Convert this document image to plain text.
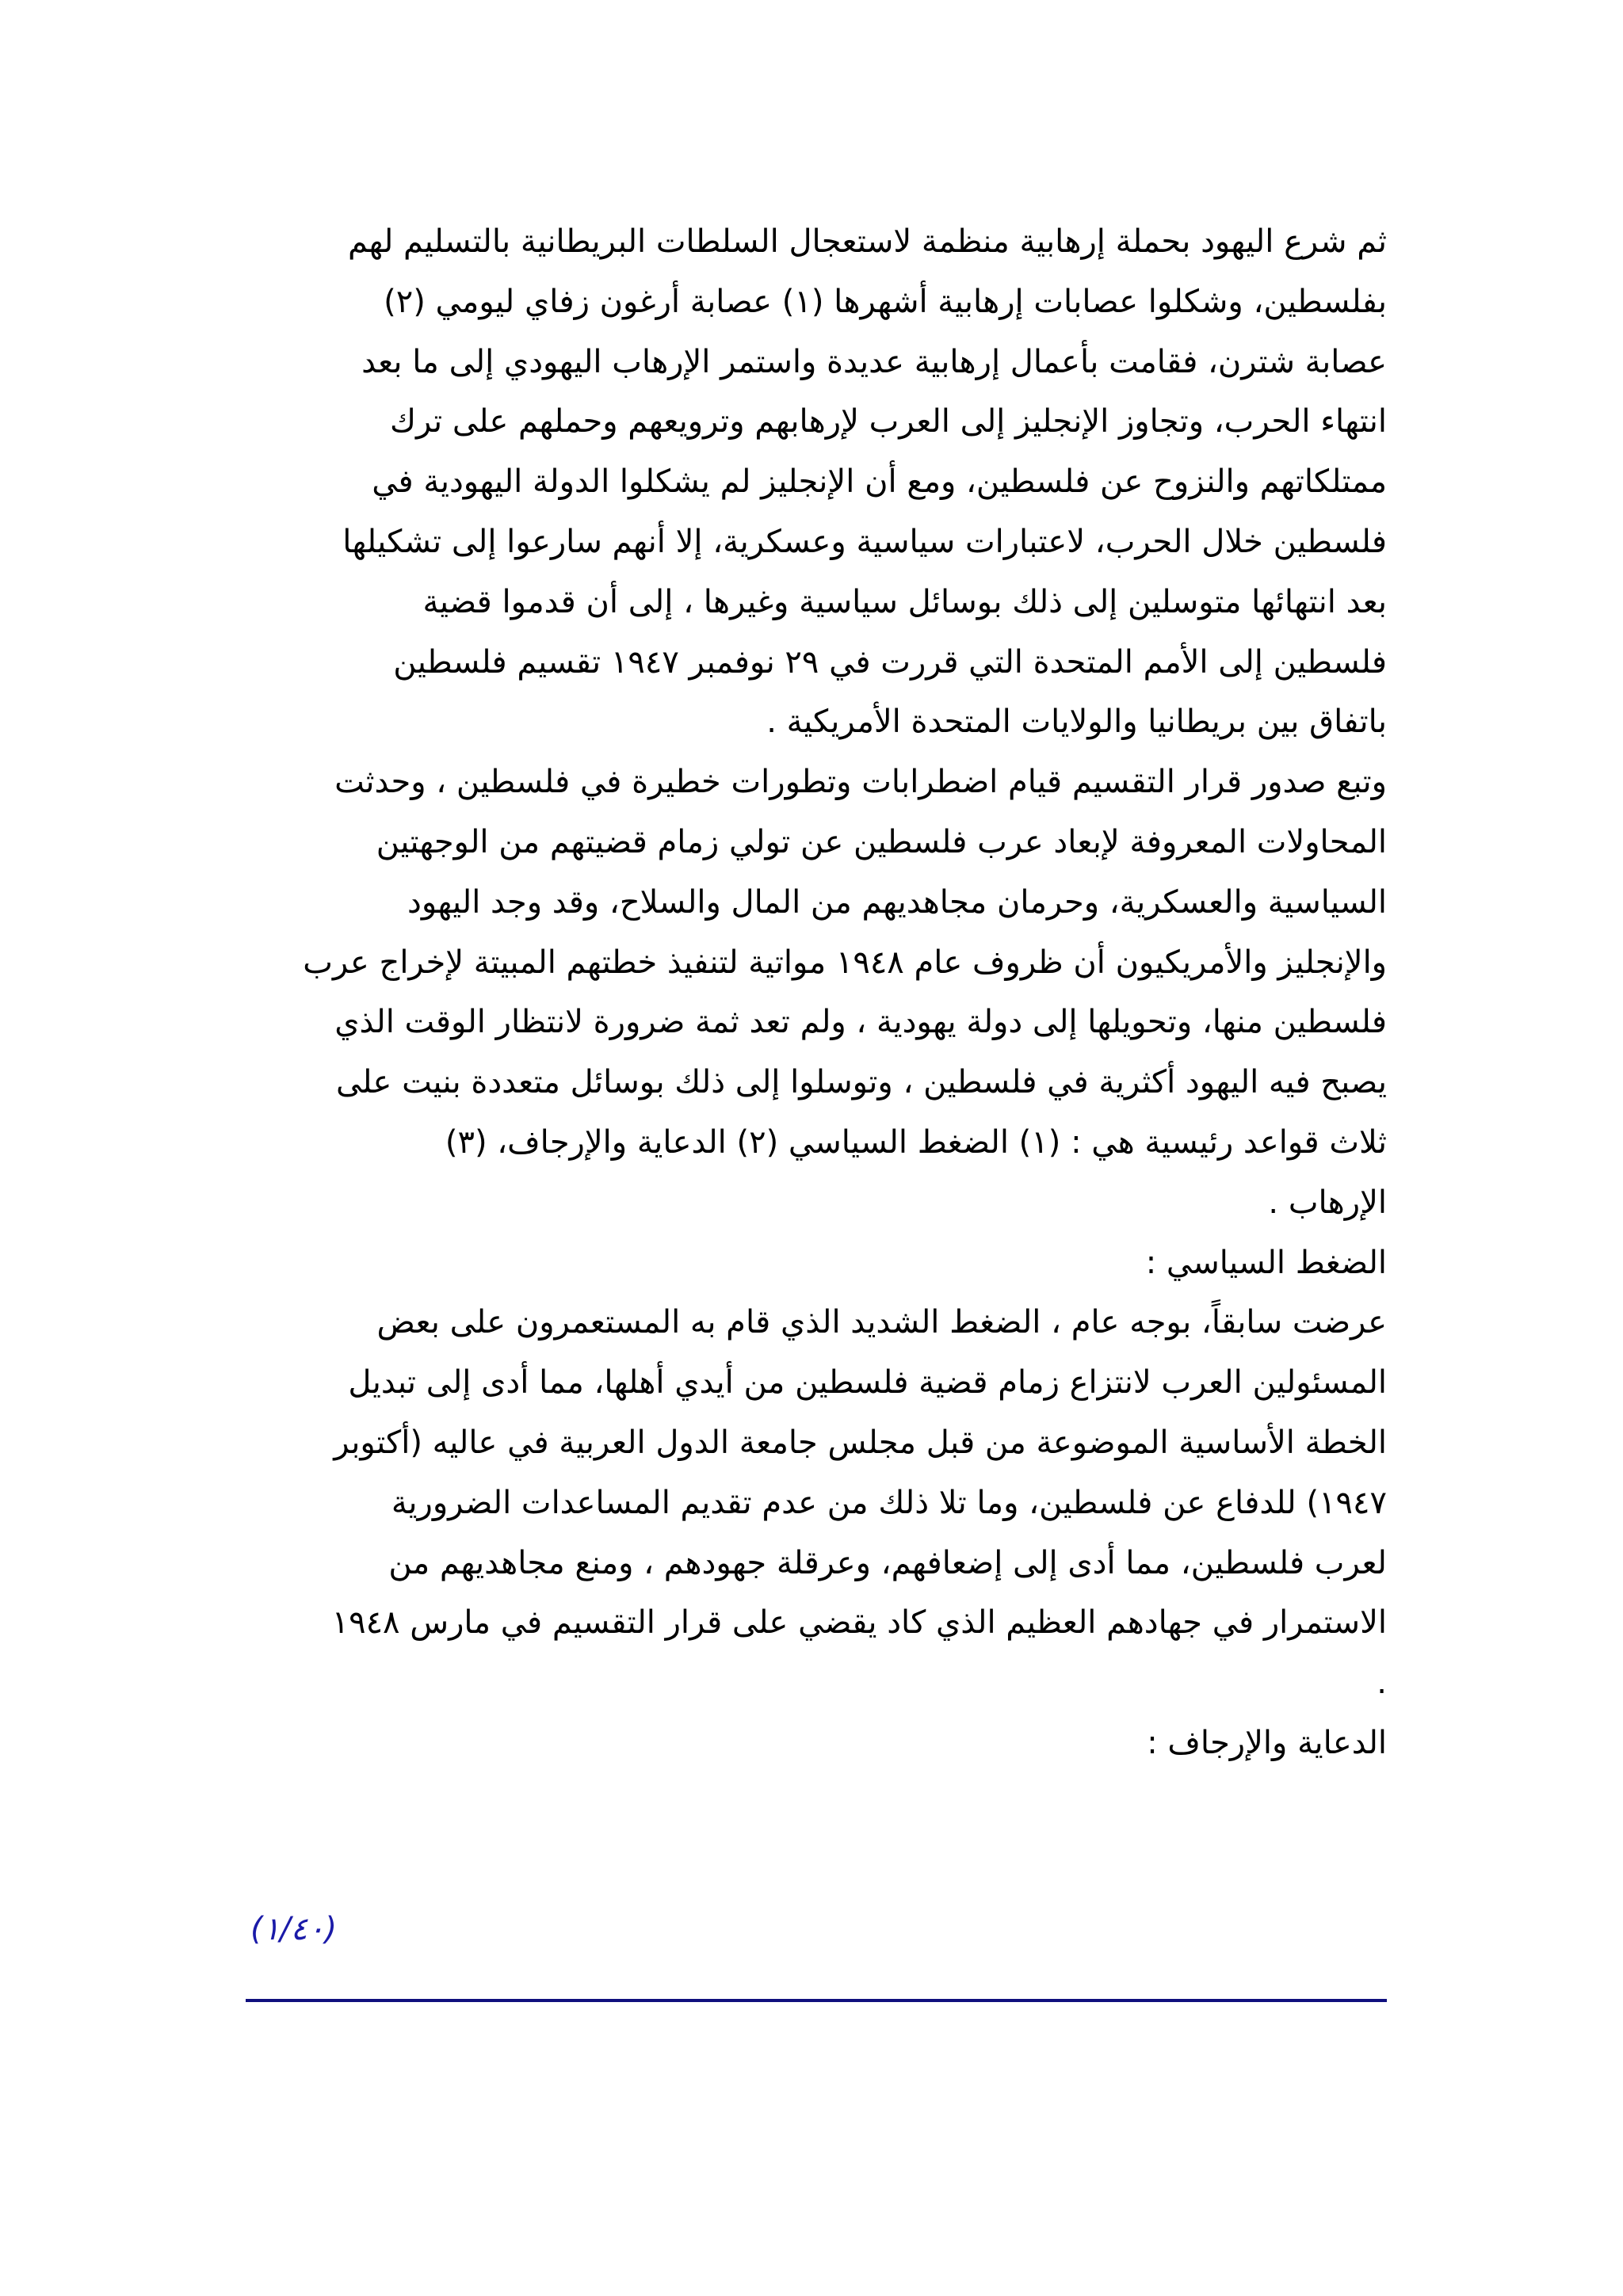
ثم شرع اليهود بحملة إرهابية منظمة لاستعجال السلطات البريطانية بالتسليم لهم
بفلسطين، وشكلوا عصابات إرهابية أشهرها (١) عصابة أرغون زفاي ليومي (٢)
عصابة شترن، فقامت بأعمال إرهابية عديدة واستمر الإرهاب اليهودي إلى ما بعد
انتهاء الحرب، وتجاوز الإنجليز إلى العرب لإرهابهم وترويعهم وحملهم على ترك
ممتلكاتهم والنزوح عن فلسطين، ومع أن الإنجليز لم يشكلوا الدولة اليهودية في
فلسطين خلال الحرب، لاعتبارات سياسية وعسكرية، إلا أنهم سارعوا إلى تشكيلها
بعد انتهائها متوسلين إلى ذلك بوسائل سياسية وغيرها ، إلى أن قدموا قضية
فلسطين إلى الأمم المتحدة التي قررت في ٢٩ نوفمبر ١٩٤٧ تقسيم فلسطين
باتفاق بين بريطانيا والولايات المتحدة الأمريكية .
وتبع صدور قرار التقسيم قيام اضطرابات وتطورات خطيرة في فلسطين ، وحدثت
المحاولات المعروفة لإبعاد عرب فلسطين عن تولي زمام قضيتهم من الوجهتين
السياسية والعسكرية، وحرمان مجاهديهم من المال والسلاح، وقد وجد اليهود
والإنجليز والأمريكيون أن ظروف عام ١٩٤٨ مواتية لتنفيذ خطتهم المبيتة لإخراج عرب
فلسطين منها، وتحويلها إلى دولة يهودية ، ولم تعد ثمة ضرورة لانتظار الوقت الذي
يصبح فيه اليهود أكثرية في فلسطين ، وتوسلوا إلى ذلك بوسائل متعددة بنيت على
ثلاث قواعد رئيسية هي : (١) الضغط السياسي (٢) الدعاية والإرجاف، (٣)
الإرهاب .
الضغط السياسي :
عرضت سابقاً، بوجه عام ، الضغط الشديد الذي قام به المستعمرون على بعض
المسئولين العرب لانتزاع زمام قضية فلسطين من أيدي أهلها، مما أدى إلى تبديل
الخطة الأساسية الموضوعة من قبل مجلس جامعة الدول العربية في عاليه (أكتوبر
١٩٤٧) للدفاع عن فلسطين، وما تلا ذلك من عدم تقديم المساعدات الضرورية
لعرب فلسطين، مما أدى إلى إضعافهم، وعرقلة جهودهم ، ومنع مجاهديهم من
الاستمرار في جهادهم العظيم الذي كاد يقضي على قرار التقسيم في مارس ١٩٤٨
.
الدعاية والإرجاف :
(١/٤٠)
